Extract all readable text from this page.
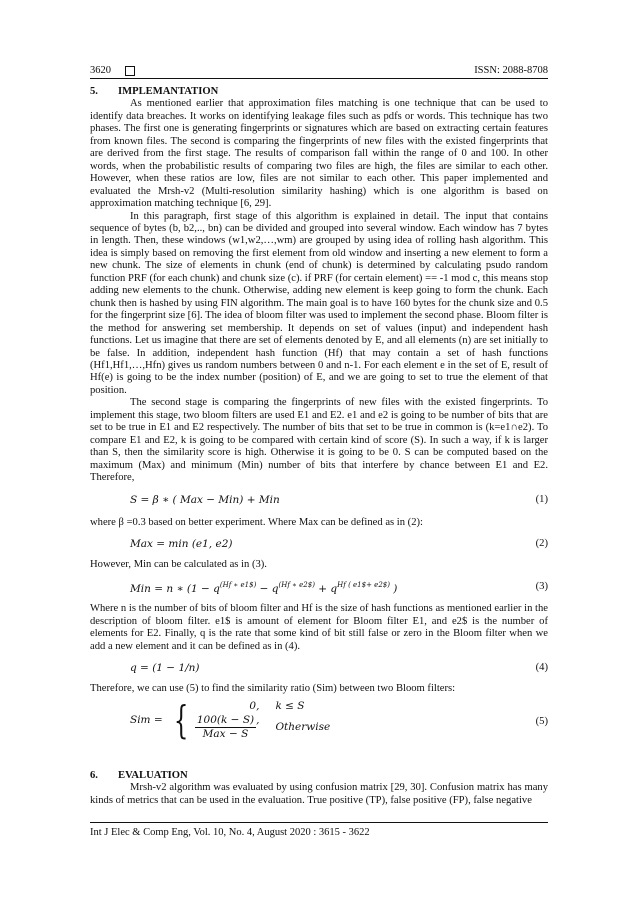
3620	ISSN: 2088-8708
5.	IMPLEMANTATION

As mentioned earlier that approximation files matching is one technique that can be used to identify data breaches. It works on identifying leakage files such as pdfs or words. This technique has two phases. The first one is generating fingerprints or signatures which are based on extracting certain features from known files. The second is comparing the fingerprints of new files with the existed fingerprints that are derived from the first stage. The results of comparison fall within the range of 0 and 100. In other words, when the probabilistic results of comparing two files are high, the files are similar to each other. However, when these ratios are low, files are not similar to each other. This paper implemented and evaluated the Mrsh-v2 (Multi-resolution similarity hashing) which is one algorithm is based on approximation matching technique [6, 29].

In this paragraph, first stage of this algorithm is explained in detail. The input that contains sequence of bytes (b, b2,.., bn) can be divided and grouped into several window. Each window has 7 bytes in length. Then, these windows (w1,w2,…,wm) are grouped by using idea of rolling hash algorithm. This idea is simply based on removing the first element from old window and inserting a new element to form a new chunk. The size of elements in chunk (end of chunk) is determined by calculating psudo random function PRF (for each chunk) and chunk size (c). if PRF (for certain element) == -1 mod c, this means stop adding new elements to the chunk. Otherwise, adding new element is keep going to form the chunk. Each chunk then is hashed by using FIN algorithm. The main goal is to have 160 bytes for the chunk size and 0.5 for the fingerprint size [6]. The idea of bloom filter was used to implement the second phase. Bloom filter is the method for answering set membership. It depends on set of values (input) and independent hash functions. Let us imagine that there are set of elements denoted by E, and all elements (n) are set initially to be false. In addition, independent hash function (Hf) that may contain a set of hash functions (Hf1,Hf1,…,Hfn) gives us random numbers between 0 and n-1. For each element e in the set of E, result of Hf(e) is going to be the index number (position) of E, and we are going to set to true the element of that position.

The second stage is comparing the fingerprints of new files with the existed fingerprints. To implement this stage, two bloom filters are used E1 and E2. e1 and e2 is going to be number of bits that are set to be true in E1 and E2 respectively. The number of bits that set to be true in common is (k=e1∩e2). To compare E1 and E2, k is going to be compared with certain kind of score (S). In such a way, if k is larger than S, then the similarity score is high. Otherwise it is going to be 0. S can be computed based on the maximum (Max) and minimum (Min) number of bits that interfere by chance between E1 and E2. Therefore,

S = β ∗ ( Max − Min) + Min	(1)

where β =0.3 based on better experiment. Where Max can be defined as in (2):

Max = min (e1, e2)	(2)

However, Min can be calculated as in (3).

Min = n ∗ ($1 - q^{(Hf ∗ e1\$)} - q^{(Hf ∗ e2\$)} + q^{Hf ( e1\$+ e2\$)}$ )	(3)

Where n is the number of bits of bloom filter and Hf is the size of hash functions as mentioned earlier in the description of bloom filter. e1$ is amount of element for Bloom filter E1, and e2$ is the number of elements for E2. Finally, q is the rate that some kind of bit still false or zero in the Bloom filter when we add a new element and it can be defined as in (4).

q = (1 − 1/n)	(4)

Therefore, we can use (5) to find the similarity ratio (Sim) between two Bloom filters:

Sim = {	0, k ≤ S
$\frac{100(k - S)}{\text{Max − S}}$ ,
Otherwise	(5)
6.	EVALUATION

Mrsh-v2 algorithm was evaluated by using confusion matrix [29, 30]. Confusion matrix has many kinds of metrics that can be used in the evaluation. True positive (TP), false positive (FP), false negative

Int J Elec & Comp Eng, Vol. 10, No. 4, August 2020 : 3615 - 3622
